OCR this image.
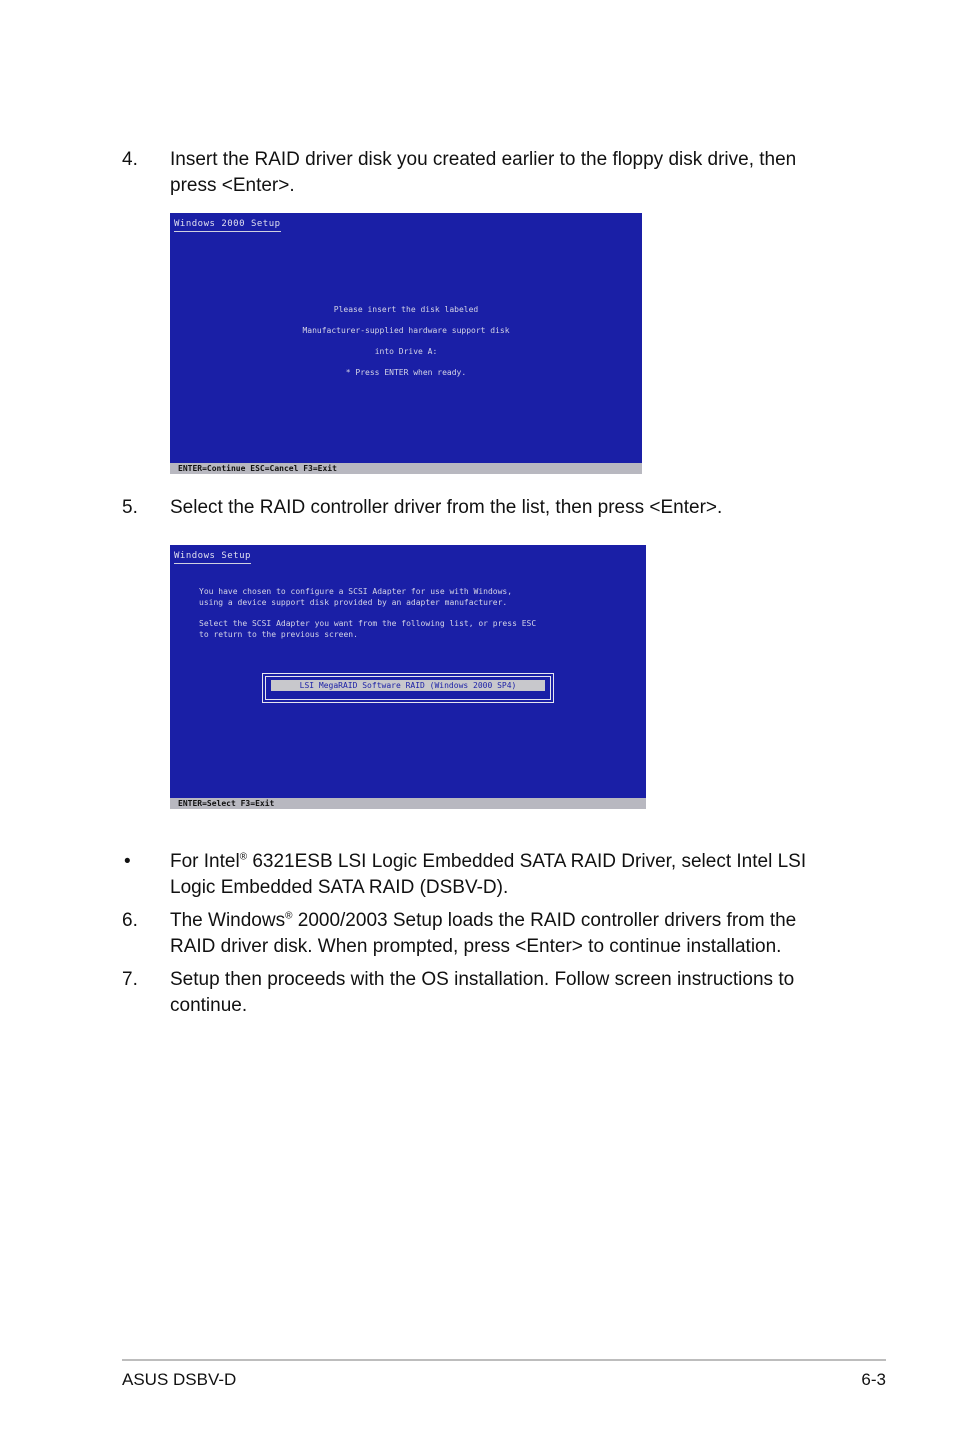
4. Insert the RAID driver disk you created earlier to the floppy disk drive, then
press <Enter>.
Windows 2000 Setup
Please insert the disk labeled
Manufacturer-supplied hardware support disk
into Drive A:
* Press ENTER when ready.
ENTER=Continue ESC=Cancel F3=Exit
5. Select the RAID controller driver from the list, then press <Enter>.
Windows Setup
You have chosen to configure a SCSI Adapter for use with Windows,
using a device support disk provided by an adapter manufacturer.
Select the SCSI Adapter you want from the following list, or press ESC
to return to the previous screen.
LSI MegaRAID Software RAID (Windows 2000 SP4)
ENTER=Select F3=Exit
• For Intel® 6321ESB LSI Logic Embedded SATA RAID Driver, select Intel LSI
Logic Embedded SATA RAID (DSBV-D).
6. The Windows® 2000/2003 Setup loads the RAID controller drivers from the
RAID driver disk. When prompted, press <Enter> to continue installation.
7. Setup then proceeds with the OS installation. Follow screen instructions to
continue.
ASUS DSBV-D	6-3
